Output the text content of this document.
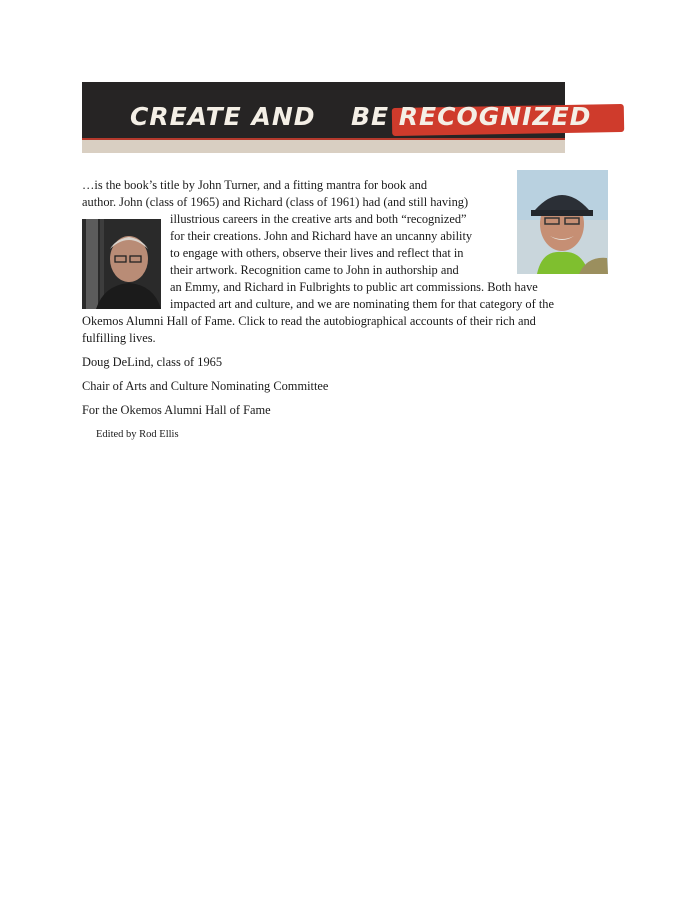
CREATE AND BE RECOGNIZED

…is the book’s title by John Turner, and a fitting mantra for book and
author. John (class of 1965) and Richard (class of 1961) had (and still having)
illustrious careers in the creative arts and both “recognized”
for their creations. John and Richard have an uncanny ability
to engage with others, observe their lives and reflect that in
their artwork. Recognition came to John in authorship and
an Emmy, and Richard in Fulbrights to public art commissions. Both have
impacted art and culture, and we are nominating them for that category of the
Okemos Alumni Hall of Fame. Click to read the autobiographical accounts of their rich and
fulfilling lives.

Doug DeLind, class of 1965

Chair of Arts and Culture Nominating Committee

For the Okemos Alumni Hall of Fame

Edited by Rod Ellis
